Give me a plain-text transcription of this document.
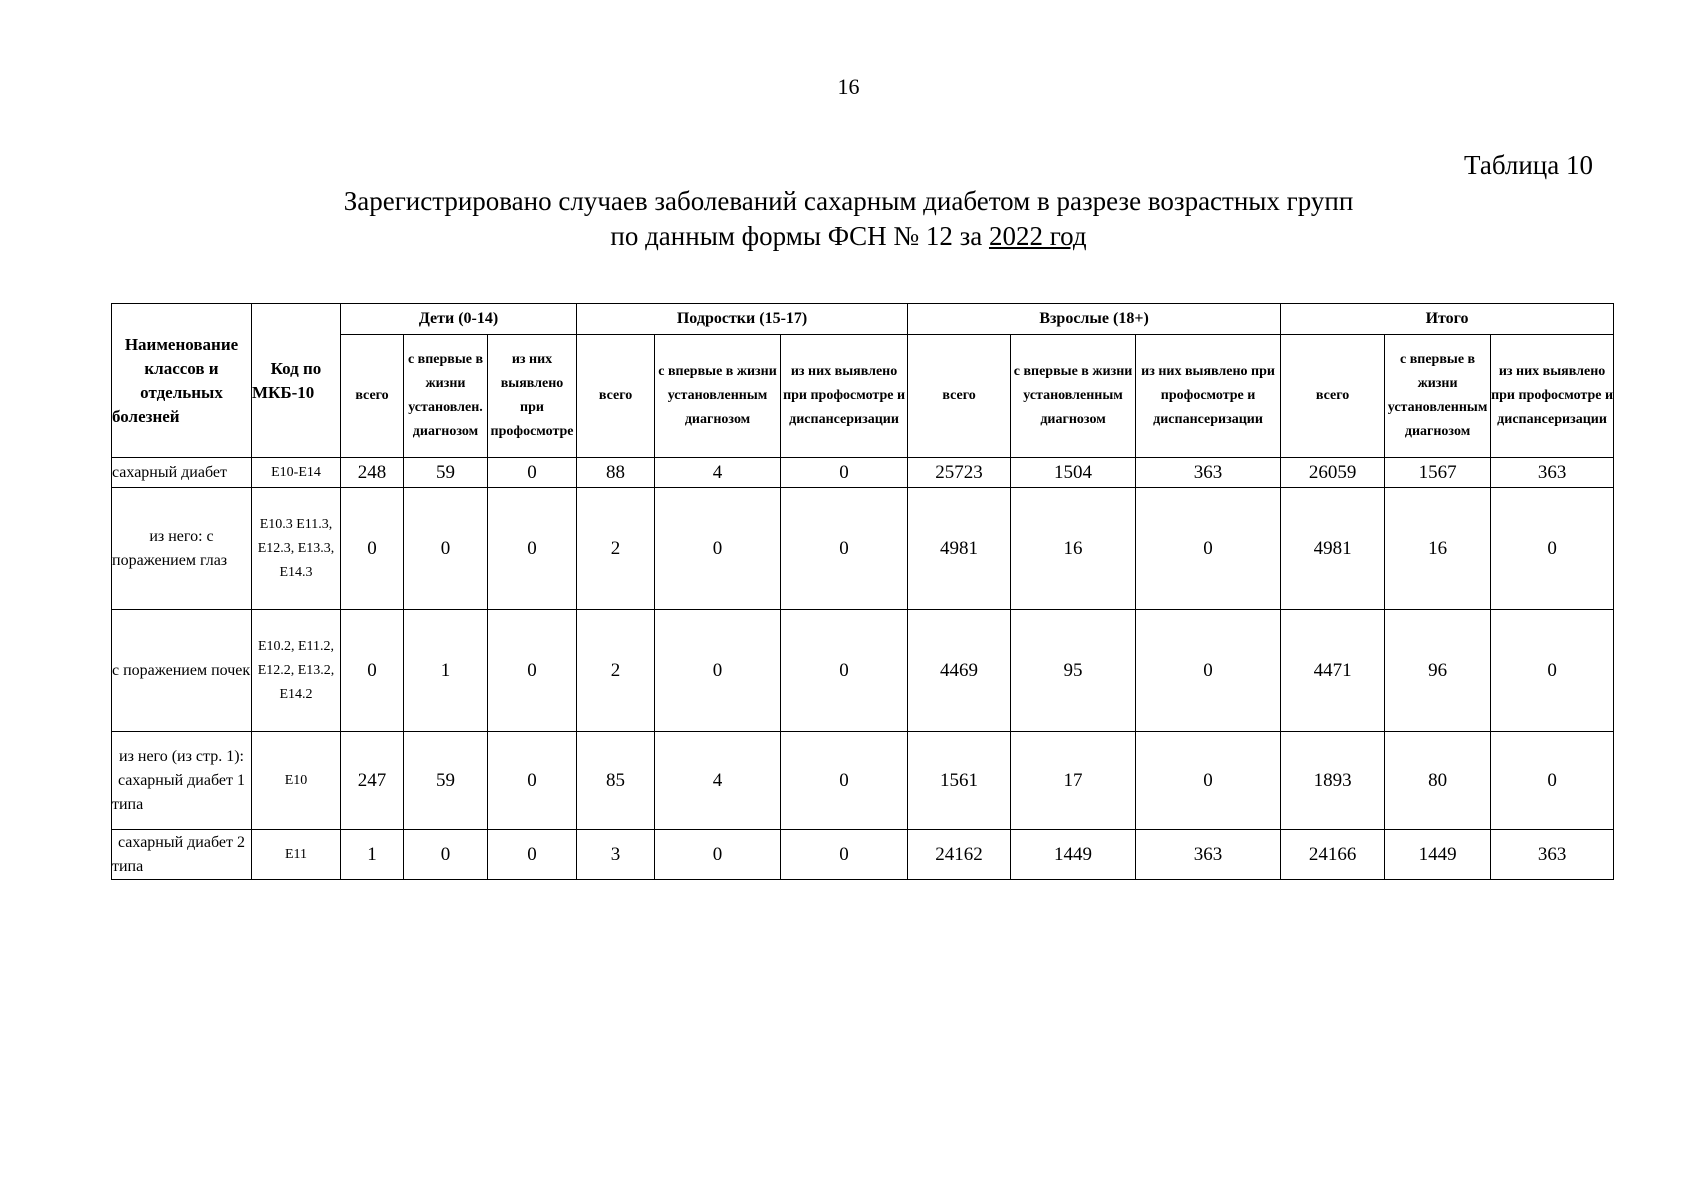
16
Таблица 10
Зарегистрировано случаев заболеваний сахарным диабетом в разрезе возрастных групп
по данным формы ФСН № 12 за 2022 год
Наименование классов и отдельных болезней	Код по МКБ-10	Дети (0-14)			Подростки (15-17)			Взрослые (18+)			Итого		
		всего	с впервые в жизни установлен. диагнозом	из них выявлено при профосмотре	всего	с впервые в жизни установленным диагнозом	из них выявлено при профосмотре и диспансеризации	всего	с впервые в жизни установленным диагнозом	из них выявлено при профосмотре и диспансеризации	всего	с впервые в жизни установленным диагнозом	из них выявлено при профосмотре и диспансеризации
сахарный диабет	E10-E14	248	59	0	88	4	0	25723	1504	363	26059	1567	363
из него: с поражением глаз	E10.3 E11.3, E12.3, E13.3, E14.3	0	0	0	2	0	0	4981	16	0	4981	16	0
с поражением почек	E10.2, E11.2, E12.2, E13.2, E14.2	0	1	0	2	0	0	4469	95	0	4471	96	0
из него (из стр. 1): сахарный диабет 1 типа	E10	247	59	0	85	4	0	1561	17	0	1893	80	0
сахарный диабет 2 типа	E11	1	0	0	3	0	0	24162	1449	363	24166	1449	363
